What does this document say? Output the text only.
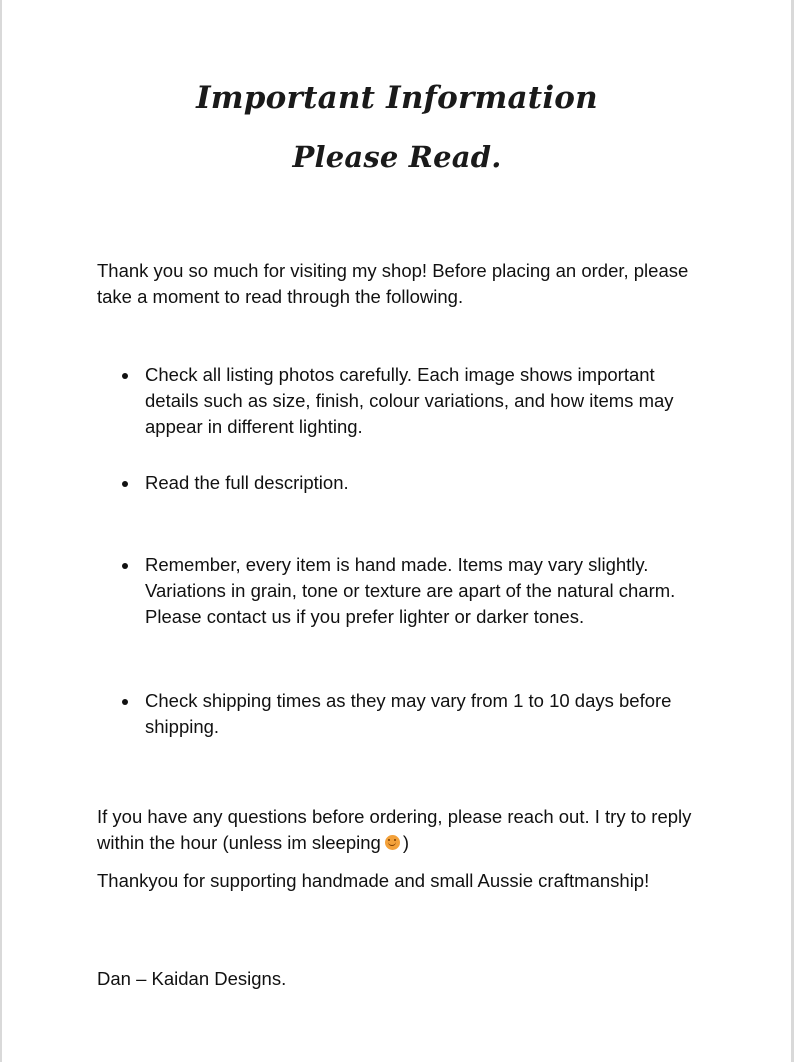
Important Information
Please Read.

Thank you so much for visiting my shop! Before placing an order, please take a moment to read through the following.

Check all listing photos carefully. Each image shows important details such as size, finish, colour variations, and how items may appear in different lighting.
Read the full description.
Remember, every item is hand made. Items may vary slightly. Variations in grain, tone or texture are apart of the natural charm. Please contact us if you prefer lighter or darker tones.
Check shipping times as they may vary from 1 to 10 days before shipping.

If you have any questions before ordering, please reach out. I try to reply within the hour (unless im sleeping )

Thankyou for supporting handmade and small Aussie craftmanship!

Dan – Kaidan Designs.
